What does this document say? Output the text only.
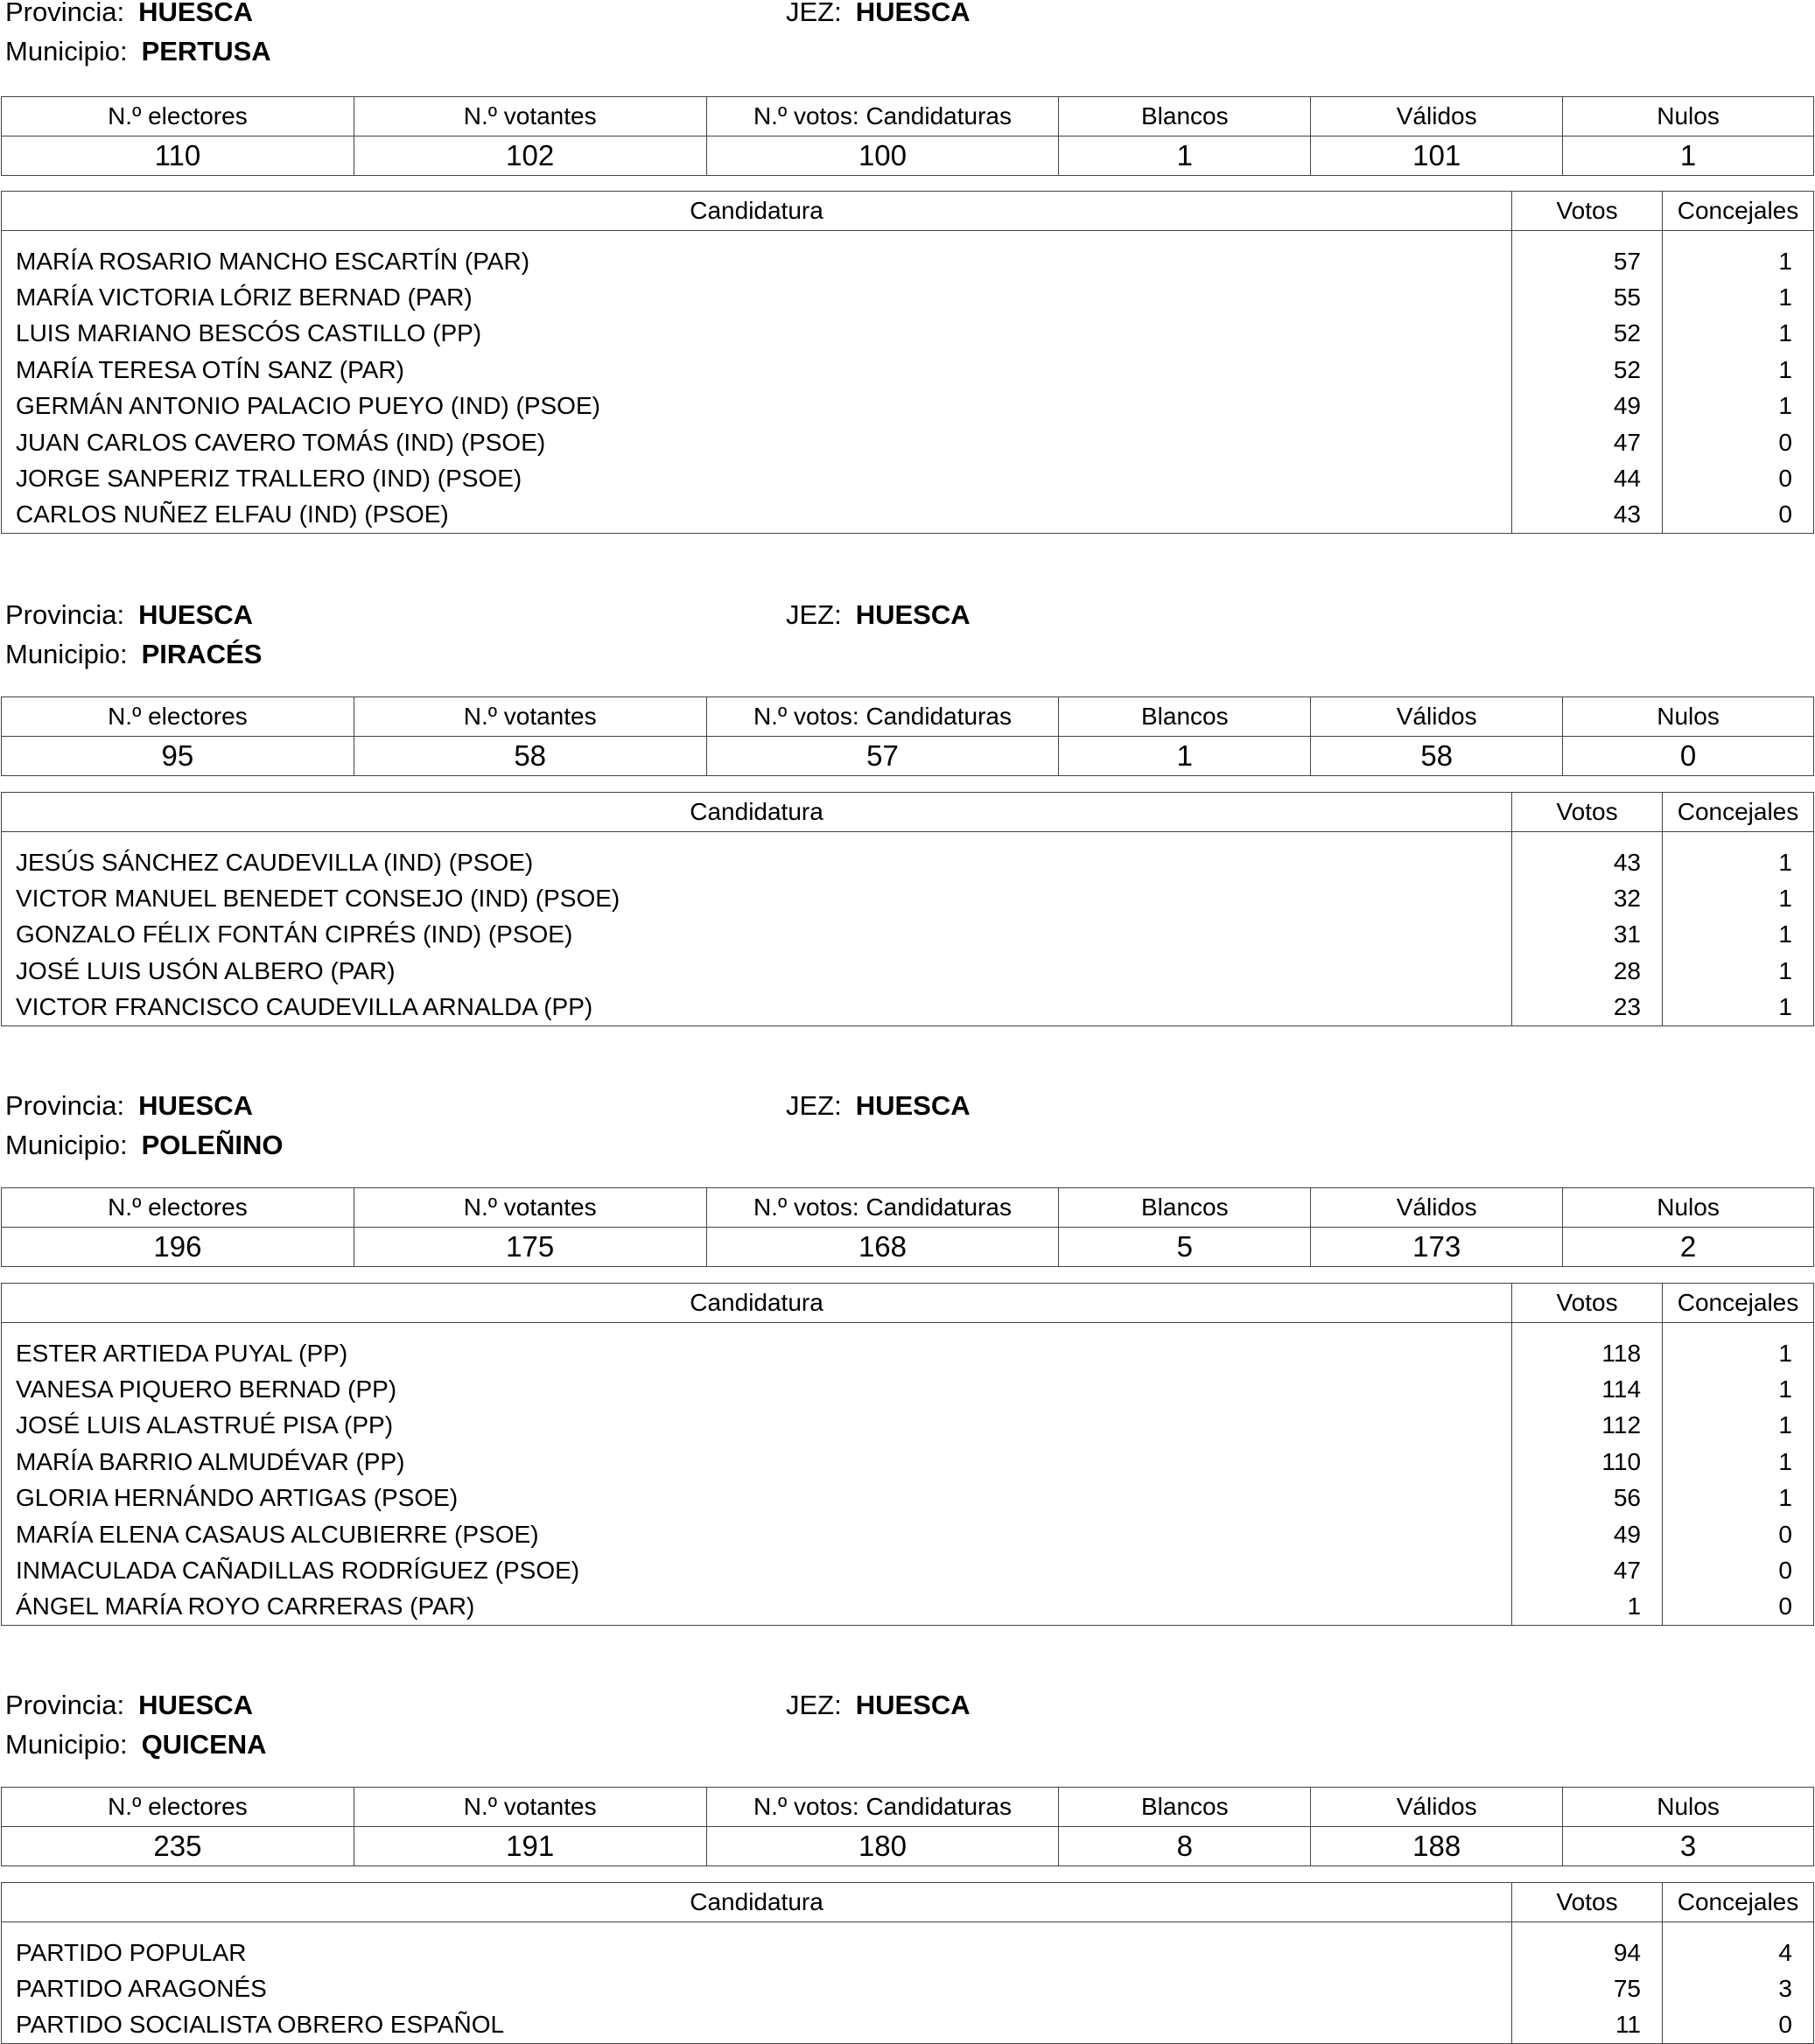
Provincia: HUESCA	JEZ: HUESCA
Municipio: PERTUSA
N.º electores	N.º votantes	N.º votos: Candidaturas	Blancos	Válidos	Nulos
110	102	100	1	101	1
Candidatura	Votos	Concejales
MARÍA ROSARIO MANCHO ESCARTÍN (PAR)	57	1
MARÍA VICTORIA LÓRIZ BERNAD (PAR)	55	1
LUIS MARIANO BESCÓS CASTILLO (PP)	52	1
MARÍA TERESA OTÍN SANZ (PAR)	52	1
GERMÁN ANTONIO PALACIO PUEYO (IND) (PSOE)	49	1
JUAN CARLOS CAVERO TOMÁS (IND) (PSOE)	47	0
JORGE SANPERIZ TRALLERO (IND) (PSOE)	44	0
CARLOS NUÑEZ ELFAU (IND) (PSOE)	43	0
Provincia: HUESCA	JEZ: HUESCA
Municipio: PIRACÉS
N.º electores	N.º votantes	N.º votos: Candidaturas	Blancos	Válidos	Nulos
95	58	57	1	58	0
Candidatura	Votos	Concejales
JESÚS SÁNCHEZ CAUDEVILLA (IND) (PSOE)	43	1
VICTOR MANUEL BENEDET CONSEJO (IND) (PSOE)	32	1
GONZALO FÉLIX FONTÁN CIPRÉS (IND) (PSOE)	31	1
JOSÉ LUIS USÓN ALBERO (PAR)	28	1
VICTOR FRANCISCO CAUDEVILLA ARNALDA (PP)	23	1
Provincia: HUESCA	JEZ: HUESCA
Municipio: POLEÑINO
N.º electores	N.º votantes	N.º votos: Candidaturas	Blancos	Válidos	Nulos
196	175	168	5	173	2
Candidatura	Votos	Concejales
ESTER ARTIEDA PUYAL (PP)	118	1
VANESA PIQUERO BERNAD (PP)	114	1
JOSÉ LUIS ALASTRUÉ PISA (PP)	112	1
MARÍA BARRIO ALMUDÉVAR (PP)	110	1
GLORIA HERNÁNDO ARTIGAS (PSOE)	56	1
MARÍA ELENA CASAUS ALCUBIERRE (PSOE)	49	0
INMACULADA CAÑADILLAS RODRÍGUEZ (PSOE)	47	0
ÁNGEL MARÍA ROYO CARRERAS (PAR)	1	0
Provincia: HUESCA	JEZ: HUESCA
Municipio: QUICENA
N.º electores	N.º votantes	N.º votos: Candidaturas	Blancos	Válidos	Nulos
235	191	180	8	188	3
Candidatura	Votos	Concejales
PARTIDO POPULAR	94	4
PARTIDO ARAGONÉS	75	3
PARTIDO SOCIALISTA OBRERO ESPAÑOL	11	0
